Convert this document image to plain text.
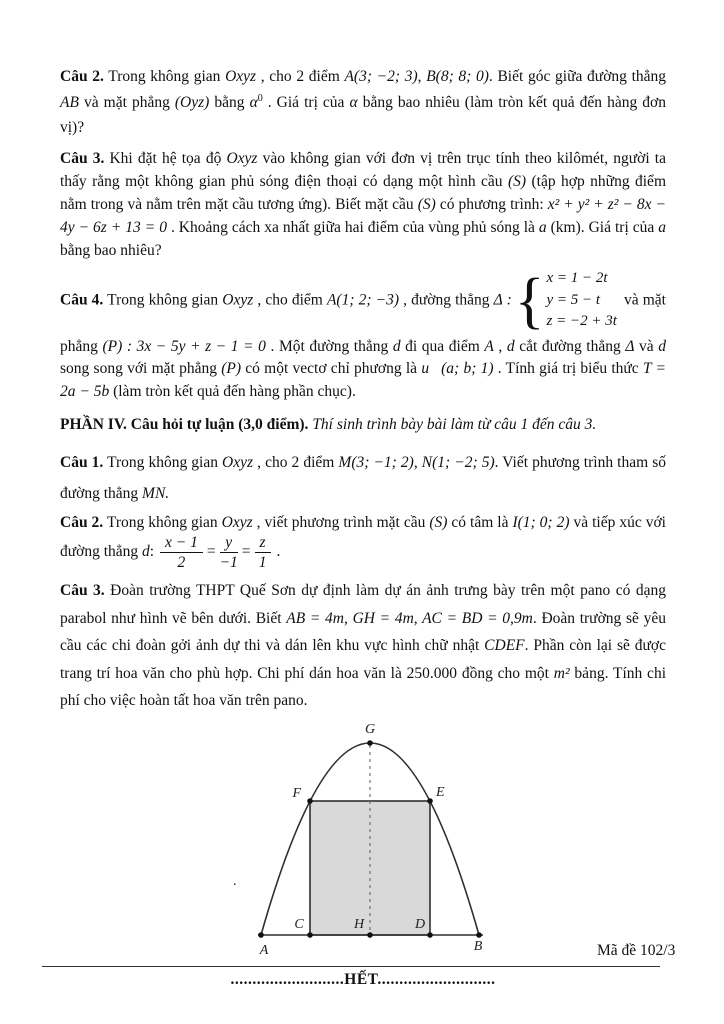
Câu 2. Trong không gian Oxyz , cho 2 điểm A(3; −2; 3), B(8; 8; 0). Biết góc giữa đường thẳng AB và mặt phẳng (Oyz) bằng $\alpha^0$ . Giá trị của α bằng bao nhiêu (làm tròn kết quả đến hàng đơn vị)?

Câu 3. Khi đặt hệ tọa độ Oxyz vào không gian với đơn vị trên trục tính theo kilômét, người ta thấy rằng một không gian phủ sóng điện thoại có dạng một hình cầu (S) (tập hợp những điểm nằm trong và nằm trên mặt cầu tương ứng). Biết mặt cầu (S) có phương trình: x² + y² + z² − 8x − 4y − 6z + 13 = 0 . Khoảng cách xa nhất giữa hai điểm của vùng phủ sóng là a (km). Giá trị của a bằng bao nhiêu?

Câu 4. Trong không gian Oxyz , cho điểm A(1; 2; −3) , đường thẳng Δ : { x = 1 − 2t
y = 5 − t
z = −2 + 3t
và mặt phẳng (P) : 3x − 5y + z − 1 = 0 . Một đường thẳng d đi qua điểm A , d cắt đường thẳng Δ và d song song với mặt phẳng (P) có một vectơ chỉ phương là u⃗(a; b; 1) . Tính giá trị biểu thức T = 2a − 5b (làm tròn kết quả đến hàng phần chục).

PHẦN IV. Câu hỏi tự luận (3,0 điểm). Thí sinh trình bày bài làm từ câu 1 đến câu 3.

Câu 1. Trong không gian Oxyz , cho 2 điểm M(3; −1; 2), N(1; −2; 5). Viết phương trình tham số đường thẳng MN.

Câu 2. Trong không gian Oxyz , viết phương trình mặt cầu (S) có tâm là I(1; 0; 2) và tiếp xúc với đường thẳng d: $\frac{x - 1}{2} = \frac{y}{-1} = \frac{z}{1}$ .

Câu 3. Đoàn trường THPT Quế Sơn dự định làm dự án ảnh trưng bày trên một pano có dạng parabol như hình vẽ bên dưới. Biết AB = 4m, GH = 4m, AC = BD = 0,9m. Đoàn trường sẽ yêu cầu các chi đoàn gởi ảnh dự thi và dán lên khu vực hình chữ nhật CDEF. Phần còn lại sẽ được trang trí hoa văn cho phù hợp. Chi phí dán hoa văn là 250.000 đồng cho một m² bảng. Tính chi phí cho việc hoàn tất hoa văn trên pano.

G
F	E
C	H	D
A	B

..........................HẾT...........................

.
Mã đề 102/3
